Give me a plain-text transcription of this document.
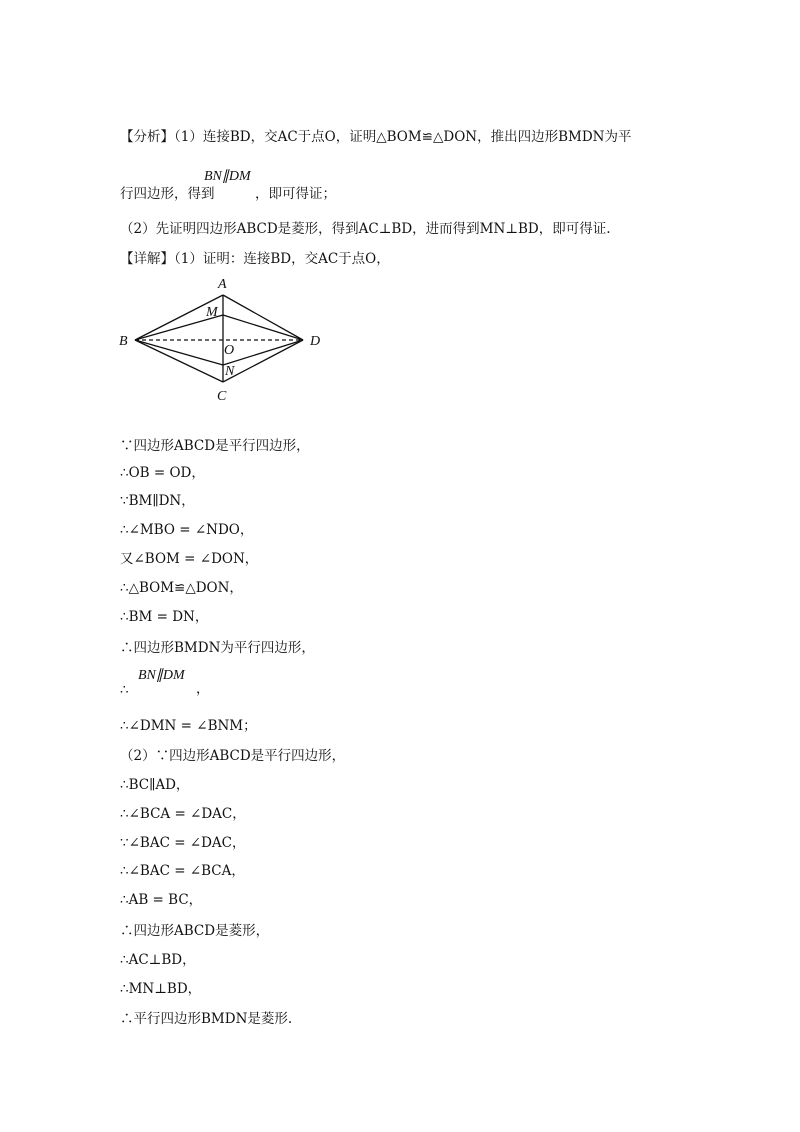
【分析】（1）连接BD，交AC于点O，证明△BOM≌△DON，推出四边形BMDN为平
BN∥DM
行四边形，得到　　　，即可得证；
（2）先证明四边形ABCD是菱形，得到AC⊥BD，进而得到MN⊥BD，即可得证.
【详解】（1）证明：连接BD，交AC于点O，
A
M
B
O
D
N
C
∵四边形ABCD是平行四边形，
∴OB = OD，
∵BM∥DN，
∴∠MBO = ∠NDO，
又∠BOM = ∠DON，
∴△BOM≌△DON，
∴BM = DN，
∴四边形BMDN为平行四边形，
BN∥DM
∴	，
∴∠DMN = ∠BNM；
（2）∵四边形ABCD是平行四边形，
∴BC∥AD，
∴∠BCA = ∠DAC，
∵∠BAC = ∠DAC，
∴∠BAC = ∠BCA，
∴AB = BC，
∴四边形ABCD是菱形，
∴AC⊥BD，
∴MN⊥BD，
∴平行四边形BMDN是菱形.
